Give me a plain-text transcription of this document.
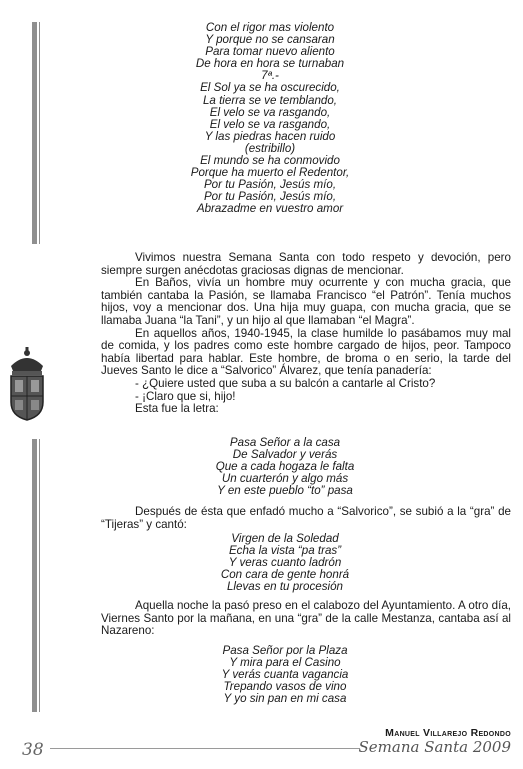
Con el rigor mas violento
Y porque no se cansaran
Para tomar nuevo aliento
De hora en hora se turnaban
7ª.-
El Sol ya se ha oscurecido,
La tierra se ve temblando,
El velo se va rasgando,
El velo se va rasgando,
Y las piedras hacen ruido
(estribillo)
El mundo se ha conmovido
Porque ha muerto el Redentor,
Por tu Pasión, Jesús mío,
Por tu Pasión, Jesús mío,
Abrazadme en vuestro amor

Vivimos nuestra Semana Santa con todo respeto y devoción, pero siempre surgen anécdotas graciosas dignas de mencionar.

En Baños, vivía un hombre muy ocurrente y con mucha gracia, que también cantaba la Pasión, se llamaba Francisco “el Patrón”. Tenía muchos hijos, voy a mencionar dos. Una hija muy guapa, con mucha gracia, que se llamaba Juana “la Tani”, y un hijo al que llamaban “el Magra”.

En aquellos años, 1940-1945, la clase humilde lo pasábamos muy mal de comida, y los padres como este hombre cargado de hijos, peor. Tampoco había libertad para hablar. Este hombre, de broma o en serio, la tarde del Jueves Santo le dice a “Salvorico” Álvarez, que tenía panadería:

- ¿Quiere usted que suba a su balcón a cantarle al Cristo?

- ¡Claro que si, hijo!

Esta fue la letra:

Pasa Señor a la casa
De Salvador y verás
Que a cada hogaza le falta
Un cuarterón y algo más
Y en este pueblo “to” pasa

Después de ésta que enfadó mucho a “Salvorico”, se subió a la “gra” de “Tijeras” y cantó:

Virgen de la Soledad
Echa la vista “pa tras”
Y veras cuanto ladrón
Con cara de gente honrá
Llevas en tu procesión

Aquella noche la pasó preso en el calabozo del Ayuntamiento. A otro día, Viernes Santo por la mañana, en una “gra” de la calle Mestanza, cantaba así al Nazareno:

Pasa Señor por la Plaza
Y mira para el Casino
Y verás cuanta vagancia
Trepando vasos de vino
Y yo sin pan en mi casa
Manuel Villarejo Redondo
38	Semana Santa 2009
